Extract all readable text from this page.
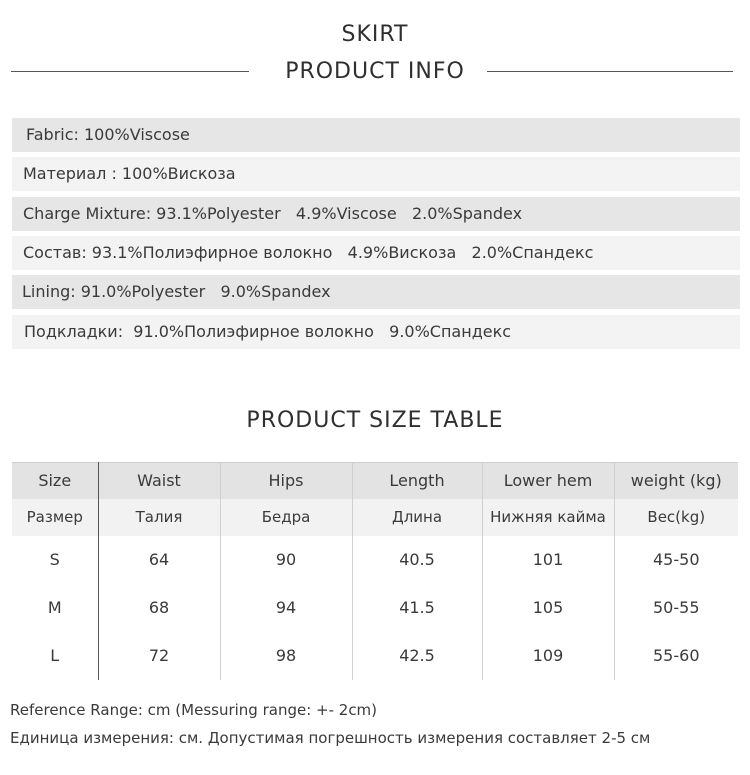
SKIRT
PRODUCT INFO
Fabric: 100%Viscose
Материал : 100%Вискоза
Charge Mixture: 93.1%Polyester   4.9%Viscose   2.0%Spandex
Состав: 93.1%Полиэфирное волокно   4.9%Вискоза   2.0%Спандекс
Lining: 91.0%Polyester   9.0%Spandex
Подкладки:  91.0%Полиэфирное волокно   9.0%Спандекс
PRODUCT SIZE TABLE
Size	Waist	Hips	Length	Lower hem	weight (kg)
Размер	Талия	Бедра	Длина	Нижняя кайма	Вес(kg)
S	64	90	40.5	101	45-50
M	68	94	41.5	105	50-55
L	72	98	42.5	109	55-60
Reference Range: cm (Messuring range: +- 2cm)
Единица измерения: см. Допустимая погрешность измерения составляет 2-5 см
